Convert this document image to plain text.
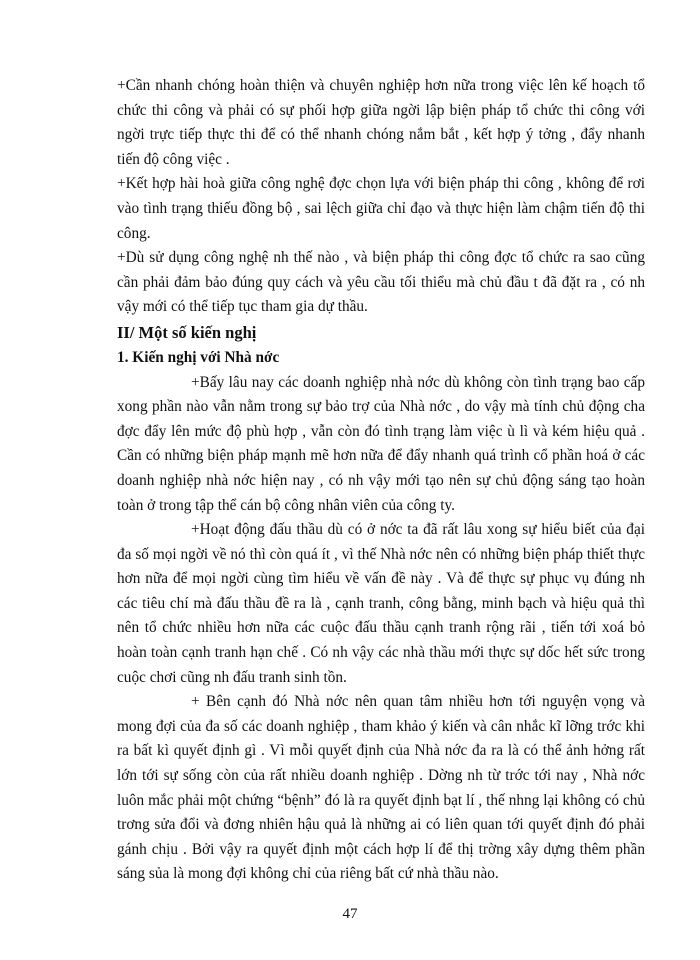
+Cần nhanh chóng hoàn thiện và chuyên nghiệp hơn nữa trong việc lên kế hoạch tổ chức thi công và phải có sự phối hợp giữa ngời lập biện pháp tổ chức thi công với ngời trực tiếp thực thi để có thể nhanh chóng nắm bắt , kết hợp ý tởng , đẩy nhanh tiến độ công việc .

+Kết hợp hài hoà giữa công nghệ đợc chọn lựa với biện pháp thi công , không để rơi vào tình trạng thiếu đồng bộ , sai lệch giữa chỉ đạo và thực hiện làm chậm tiến độ thi công.

+Dù sử dụng công nghệ nh thế nào , và biện pháp thi công đợc tổ chức ra sao cũng cần phải đảm bảo đúng quy cách và yêu cầu tối thiểu mà chủ đầu t đã đặt ra , có nh vậy mới có thể tiếp tục tham gia dự thầu.

II/ Một số kiến nghị
1. Kiến nghị với Nhà nớc

+Bấy lâu nay các doanh nghiệp nhà nớc dù không còn tình trạng bao cấp xong phần nào vẫn nằm trong sự bảo trợ của Nhà nớc , do vậy mà tính chủ động cha đợc đẩy lên mức độ phù hợp , vẫn còn đó tình trạng làm việc ù lì và kém hiệu quả . Cần có những biện pháp mạnh mẽ hơn nữa để đẩy nhanh quá trình cổ phần hoá ở các doanh nghiệp nhà nớc hiện nay , có nh vậy mới tạo nên sự chủ động sáng tạo hoàn toàn ở trong tập thể cán bộ công nhân viên của công ty.

+Hoạt động đấu thầu dù có ở nớc ta đã rất lâu xong sự hiểu biết của đại đa số mọi ngời về nó thì còn quá ít , vì thế Nhà nớc nên có những biện pháp thiết thực hơn nữa để mọi ngời cùng tìm hiểu về vấn đề này . Và để thực sự phục vụ đúng nh các tiêu chí mà đấu thầu đề ra là , cạnh tranh, công bằng, minh bạch và hiệu quả thì nên tổ chức nhiều hơn nữa các cuộc đấu thầu cạnh tranh rộng rãi , tiến tới xoá bỏ hoàn toàn cạnh tranh hạn chế . Có nh vậy các nhà thầu mới thực sự dốc hết sức trong cuộc chơi cũng nh đấu tranh sinh tồn.

+ Bên cạnh đó Nhà nớc nên quan tâm nhiều hơn tới nguyện vọng và mong đợi của đa số các doanh nghiệp , tham khảo ý kiến và cân nhắc kĩ lỡng trớc khi ra bất kì quyết định gì . Vì mỗi quyết định của Nhà nớc đa ra là có thể ảnh hởng rất lớn tới sự sống còn của rất nhiều doanh nghiệp . Dờng nh từ trớc tới nay , Nhà nớc luôn mắc phải một chứng “bệnh” đó là ra quyết định bạt lí , thế nhng lại không có chủ trơng sửa đổi và đơng nhiên hậu quả là những ai có liên quan tới quyết định đó phải gánh chịu . Bởi vậy ra quyết định một cách hợp lí để thị trờng xây dựng thêm phần sáng sủa là mong đợi không chỉ của riêng bất cứ nhà thầu nào.

47
